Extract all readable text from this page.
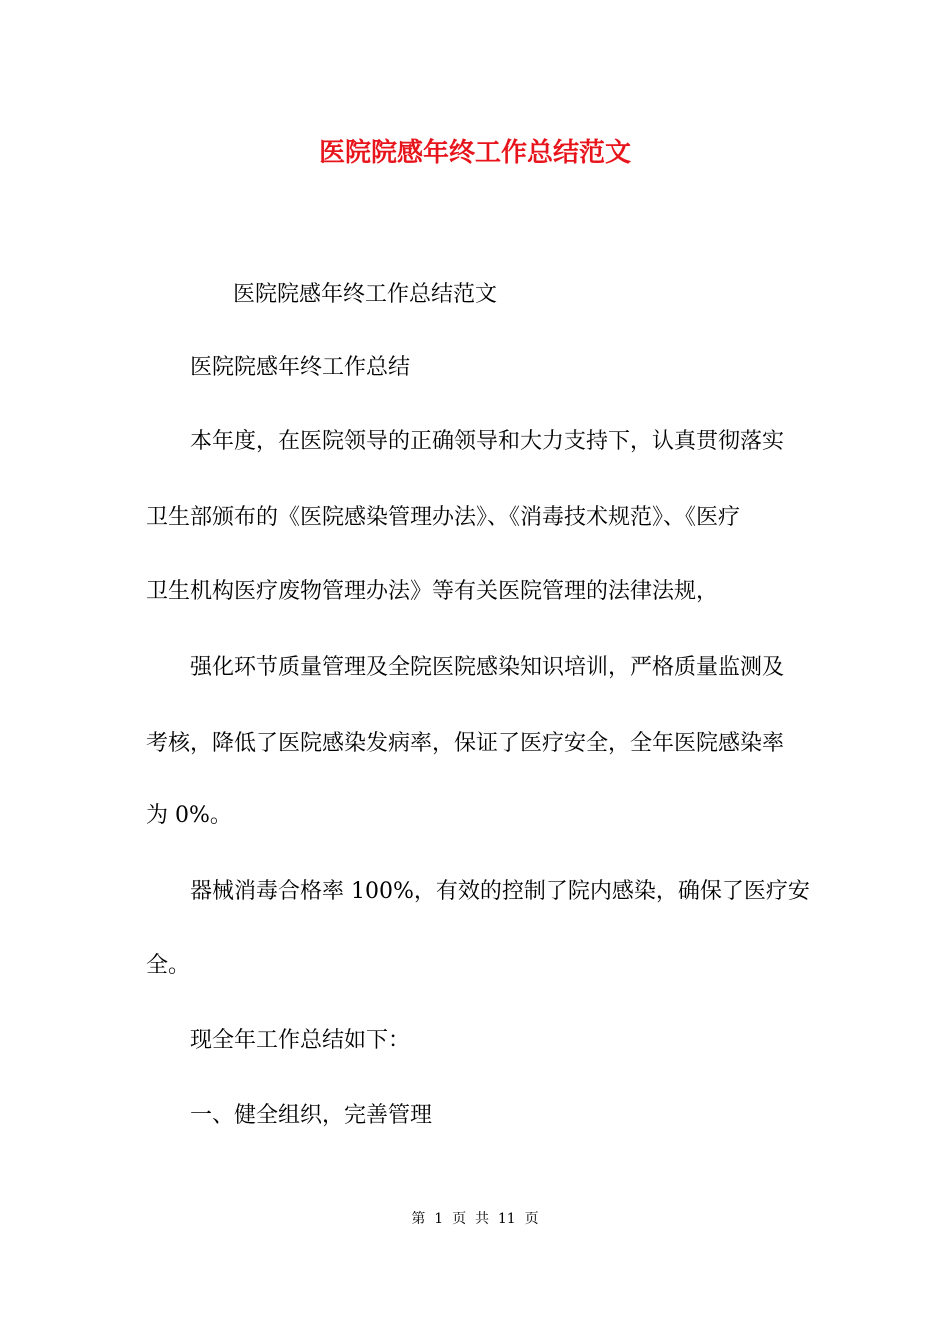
医院院感年终工作总结范文
医院院感年终工作总结范文
医院院感年终工作总结
本年度，在医院领导的正确领导和大力支持下，认真贯彻落实
卫生部颁布的《医院感染管理办法》、《消毒技术规范》、《医疗
卫生机构医疗废物管理办法》等有关医院管理的法律法规，
强化环节质量管理及全院医院感染知识培训，严格质量监测及
考核，降低了医院感染发病率，保证了医疗安全，全年医院感染率
为 0%。
器械消毒合格率 100%，有效的控制了院内感染，确保了医疗安
全。
现全年工作总结如下：
一、健全组织，完善管理
第  1  页  共  11  页
